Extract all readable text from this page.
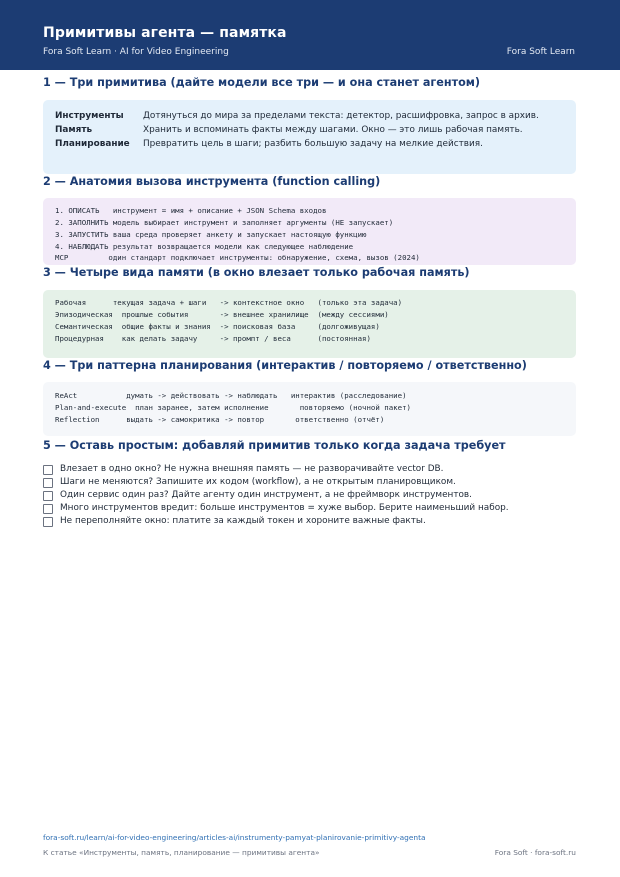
Примитивы агента — памятка
Fora Soft Learn · AI for Video Engineering	Fora Soft Learn
1 — Три примитива (дайте модели все три — и она станет агентом)
Инструменты Дотянуться до мира за пределами текста: детектор, расшифровка, запрос в архив.
Память	Хранить и вспоминать факты между шагами. Окно — это лишь рабочая память.
Планирование Превратить цель в шаги; разбить большую задачу на мелкие действия.
2 — Анатомия вызова инструмента (function calling)
1. ОПИСАТЬ   инструмент = имя + описание + JSON Schema входов
2. ЗАПОЛНИТЬ модель выбирает инструмент и заполняет аргументы (НЕ запускает)
3. ЗАПУСТИТЬ ваша среда проверяет анкету и запускает настоящую функцию
4. НАБЛЮДАТЬ результат возвращается модели как следующее наблюдение
MCP         один стандарт подключает инструменты: обнаружение, схема, вызов (2024)
3 — Четыре вида памяти (в окно влезает только рабочая память)
Рабочая      текущая задача + шаги   -> контекстное окно   (только эта задача)
Эпизодическая  прошлые события       -> внешнее хранилище  (между сессиями)
Семантическая  общие факты и знания  -> поисковая база     (долгоживущая)
Процедурная    как делать задачу     -> промпт / веса      (постоянная)
4 — Три паттерна планирования (интерактив / повторяемо / ответственно)
ReAct           думать -> действовать -> наблюдать   интерактив (расследование)
Plan-and-execute  план заранее, затем исполнение       повторяемо (ночной пакет)
Reflection      выдать -> самокритика -> повтор       ответственно (отчёт)
5 — Оставь простым: добавляй примитив только когда задача требует
Влезает в одно окно? Не нужна внешняя память — не разворачивайте vector DB.
Шаги не меняются? Запишите их кодом (workflow), а не открытым планировщиком.
Один сервис один раз? Дайте агенту один инструмент, а не фреймворк инструментов.
Много инструментов вредит: больше инструментов = хуже выбор. Берите наименьший набор.
Не переполняйте окно: платите за каждый токен и хороните важные факты.
fora-soft.ru/learn/ai-for-video-engineering/articles-ai/instrumenty-pamyat-planirovanie-primitivy-agenta
К статье «Инструменты, память, планирование — примитивы агента»	Fora Soft · fora-soft.ru
